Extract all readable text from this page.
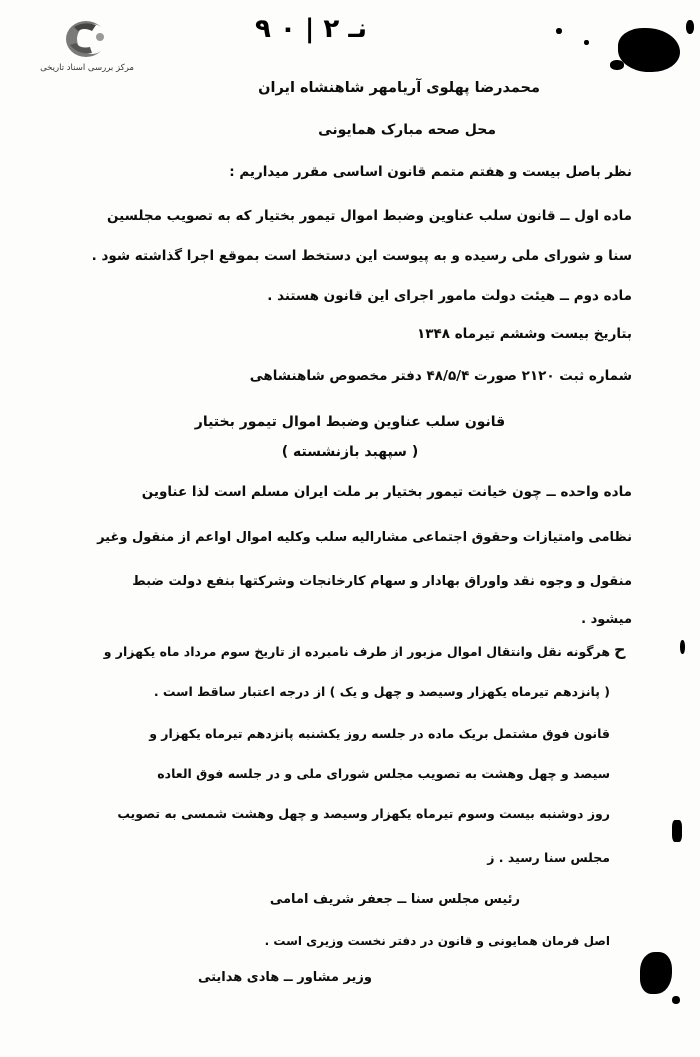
مرکز بررسی اسناد تاریخی
نـ ۲ | ۰ ۹
محمدرضا پهلوی آریامهر شاهنشاه ایران
محل صحه مبارک همایونی
نظر باصل بیست و هفتم متمم قانون اساسی مقرر میداریم :
ماده اول ــ قانون سلب عناوین وضبط اموال تیمور بختیار که به تصویب مجلسین
سنا و شورای ملی رسیده و به پیوست این دستخط است بموقع اجرا گذاشته شود .
ماده دوم ــ هیئت دولت مامور اجرای این قانون هستند .
بتاریخ بیست وششم تیرماه ۱۳۴۸
شماره ثبت ۲۱۲۰ صورت ۴۸/۵/۴ دفتر مخصوص شاهنشاهی
قانون سلب عناوین وضبط اموال تیمور بختیار
( سپهبد بازنشسته )
ماده واحده ــ چون خیانت تیمور بختیار بر ملت ایران مسلم است لذا عناوین
نظامی وامتیازات وحقوق اجتماعی مشارالیه سلب وکلیه اموال اواعم از منقول وغیر
منقول و وجوه نقد واوراق بهادار و سهام کارخانجات وشرکتها بنفع دولت ضبط
میشود .
ح
هرگونه نقل وانتقال اموال مزبور از طرف نامبرده از تاریخ سوم مرداد ماه یکهزار و
( پانزدهم تیرماه یکهزار وسیصد و چهل و یک ) از درجه اعتبار ساقط است .
قانون فوق مشتمل بریک ماده در جلسه روز یکشنبه پانزدهم تیرماه یکهزار و
سیصد و چهل وهشت به تصویب مجلس شورای ملی و در جلسه فوق العاده
روز دوشنبه بیست وسوم تیرماه یکهزار وسیصد و چهل وهشت شمسی به تصویب
مجلس سنا رسید . ز
رئیس مجلس سنا ــ جعفر شریف امامی
اصل فرمان همایونی و قانون در دفتر نخست وزیری است .
وزیر مشاور ــ هادی هدایتی
